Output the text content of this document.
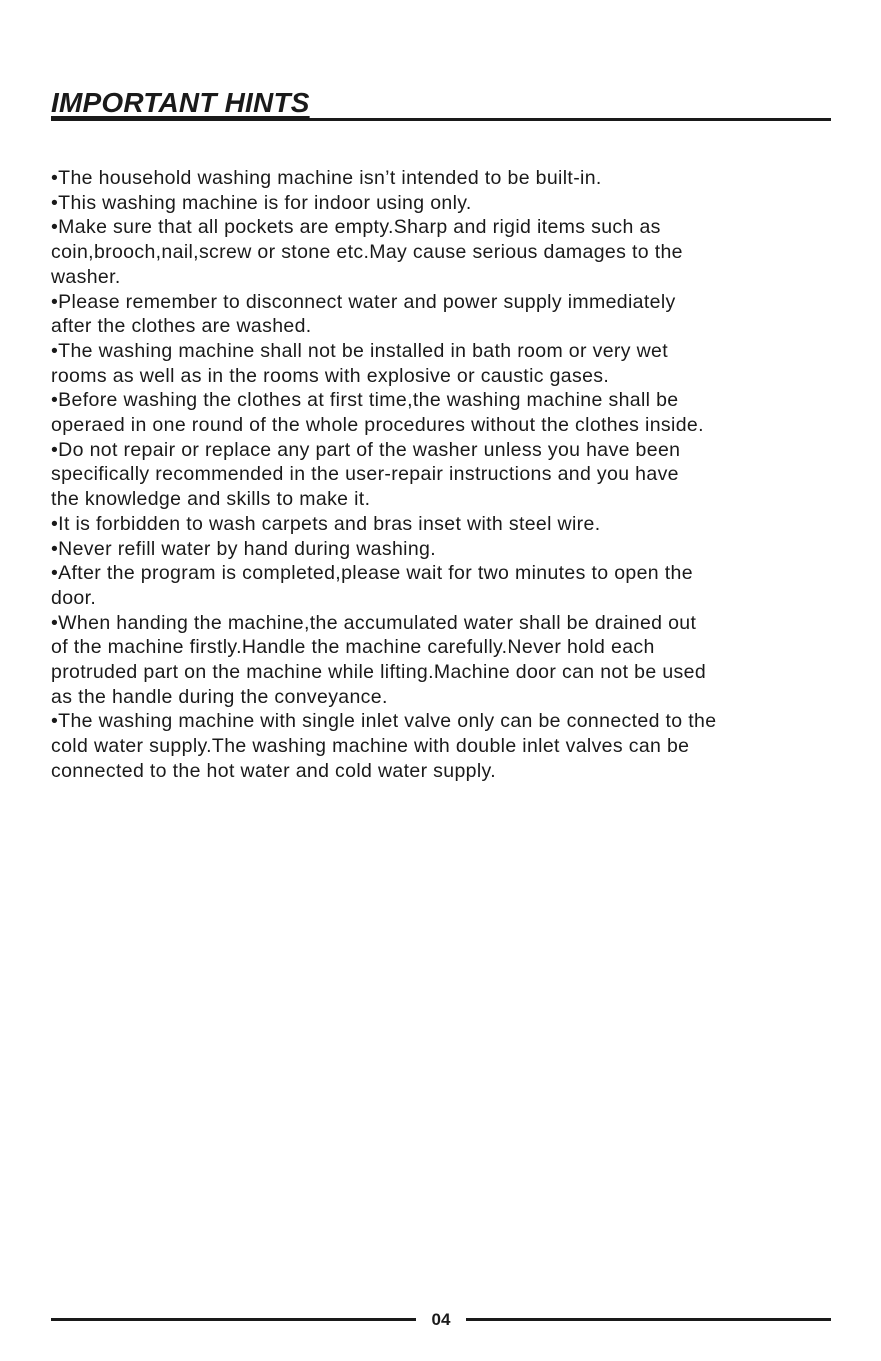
IMPORTANT HINTS
•The household washing machine isn’t intended to be built-in.
•This washing machine is for indoor using only.
•Make sure that all pockets are empty.Sharp and rigid items such as
coin,brooch,nail,screw or stone etc.May cause serious damages to the
washer.
•Please remember to disconnect water and power supply immediately
after the clothes are washed.
•The washing machine shall not be installed in bath room or very wet
rooms as well as in the rooms with explosive or caustic gases.
•Before washing the clothes at first time,the washing machine shall be
operaed in one round of the whole procedures without the clothes inside.
•Do not repair or replace any part of the washer unless you have been
specifically recommended in the user-repair instructions and you have
the knowledge and skills to make it.
•It is forbidden to wash carpets and bras inset with steel wire.
•Never refill water by hand during washing.
•After the program is completed,please wait for two minutes to open the
door.
•When handing the machine,the accumulated water shall be drained out
of the machine firstly.Handle the machine carefully.Never hold each
protruded part on the machine while lifting.Machine door can not be used
as the handle during the conveyance.
•The washing machine with single inlet valve only can be connected to the
cold water supply.The washing machine with double inlet valves can be
connected to the hot water and cold water supply.
04
